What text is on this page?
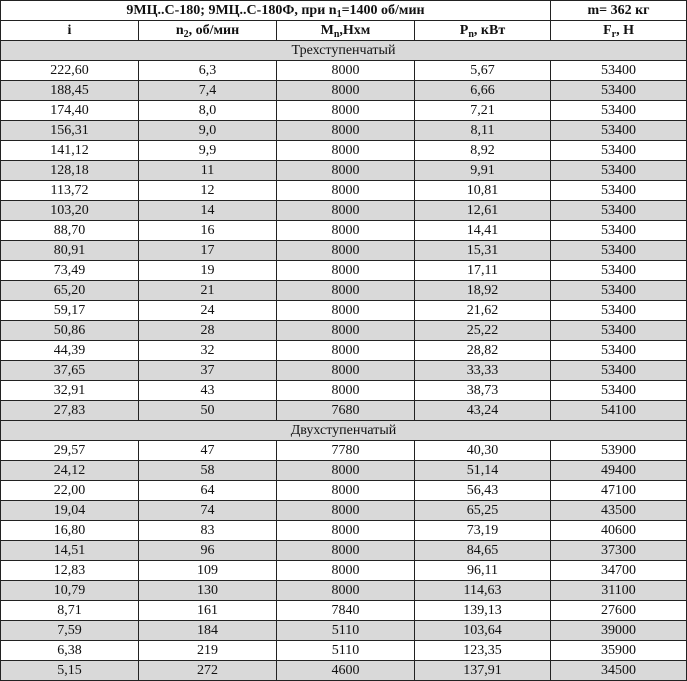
9МЦ..С-180; 9МЦ..С-180Ф, при $n_1=1400$ об/мин				m= 362 кг
i	$n_2$, об/мин	$M_n,Нхм$	$P_n$, кВт	$F_r$, Н
Трехступенчатый				
222,60	6,3	8000	5,67	53400
188,45	7,4	8000	6,66	53400
174,40	8,0	8000	7,21	53400
156,31	9,0	8000	8,11	53400
141,12	9,9	8000	8,92	53400
128,18	11	8000	9,91	53400
113,72	12	8000	10,81	53400
103,20	14	8000	12,61	53400
88,70	16	8000	14,41	53400
80,91	17	8000	15,31	53400
73,49	19	8000	17,11	53400
65,20	21	8000	18,92	53400
59,17	24	8000	21,62	53400
50,86	28	8000	25,22	53400
44,39	32	8000	28,82	53400
37,65	37	8000	33,33	53400
32,91	43	8000	38,73	53400
27,83	50	7680	43,24	54100
Двухступенчатый				
29,57	47	7780	40,30	53900
24,12	58	8000	51,14	49400
22,00	64	8000	56,43	47100
19,04	74	8000	65,25	43500
16,80	83	8000	73,19	40600
14,51	96	8000	84,65	37300
12,83	109	8000	96,11	34700
10,79	130	8000	114,63	31100
8,71	161	7840	139,13	27600
7,59	184	5110	103,64	39000
6,38	219	5110	123,35	35900
5,15	272	4600	137,91	34500
